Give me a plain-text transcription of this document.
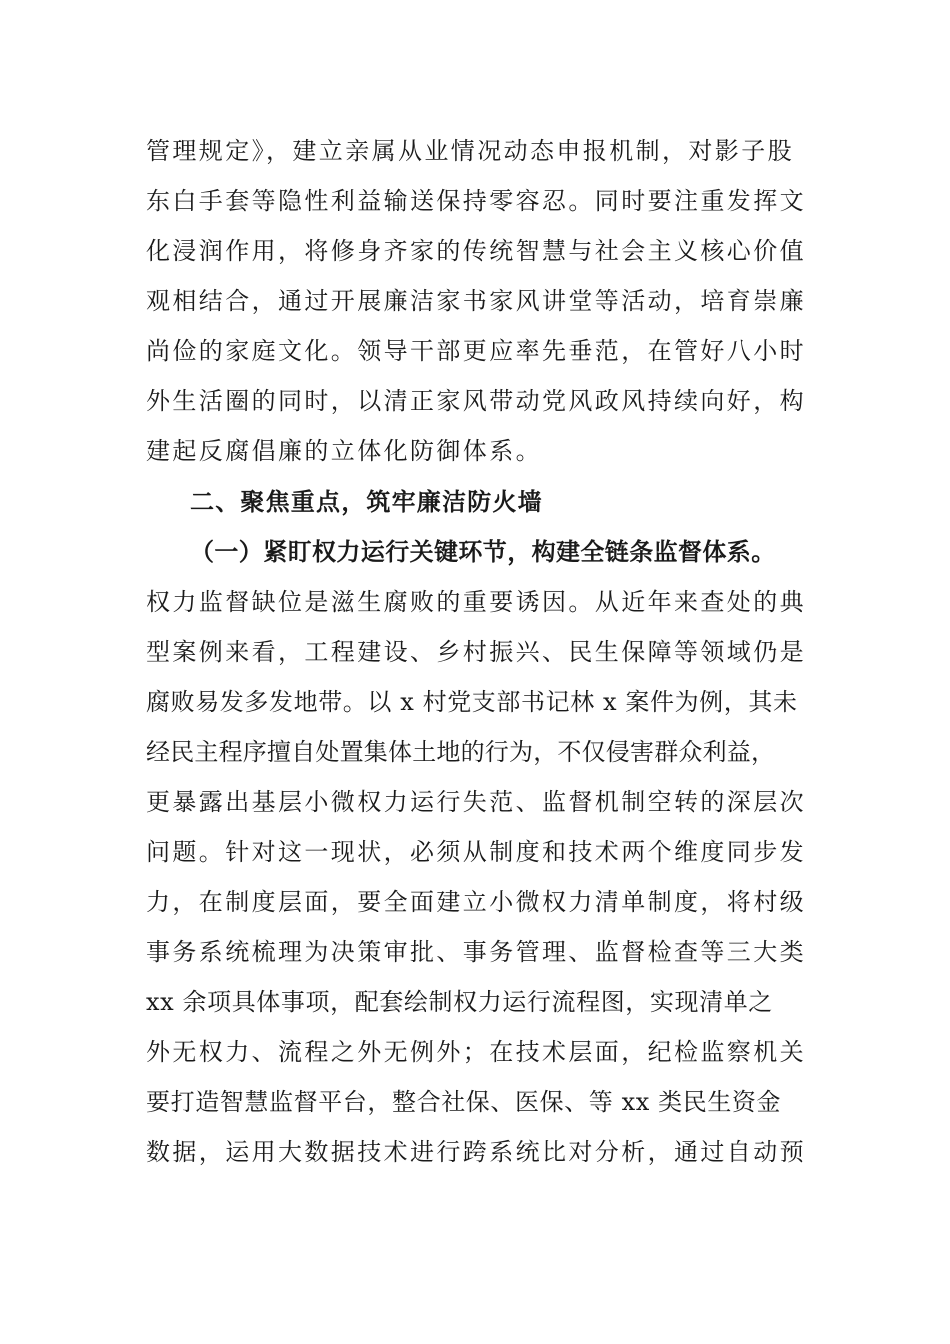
管理规定》，建立亲属从业情况动态申报机制，对影子股
东白手套等隐性利益输送保持零容忍。同时要注重发挥文
化浸润作用，将修身齐家的传统智慧与社会主义核心价值
观相结合，通过开展廉洁家书家风讲堂等活动，培育崇廉
尚俭的家庭文化。领导干部更应率先垂范，在管好八小时
外生活圈的同时，以清正家风带动党风政风持续向好，构
建起反腐倡廉的立体化防御体系。
二、聚焦重点，筑牢廉洁防火墙
（一）紧盯权力运行关键环节，构建全链条监督体系。
权力监督缺位是滋生腐败的重要诱因。从近年来查处的典
型案例来看，工程建设、乡村振兴、民生保障等领域仍是
腐败易发多发地带。以 x 村党支部书记林 x 案件为例，其未
经民主程序擅自处置集体土地的行为，不仅侵害群众利益，
更暴露出基层小微权力运行失范、监督机制空转的深层次
问题。针对这一现状，必须从制度和技术两个维度同步发
力，在制度层面，要全面建立小微权力清单制度，将村级
事务系统梳理为决策审批、事务管理、监督检查等三大类
xx 余项具体事项，配套绘制权力运行流程图，实现清单之
外无权力、流程之外无例外；在技术层面，纪检监察机关
要打造智慧监督平台，整合社保、医保、等 xx 类民生资金
数据，运用大数据技术进行跨系统比对分析，通过自动预
